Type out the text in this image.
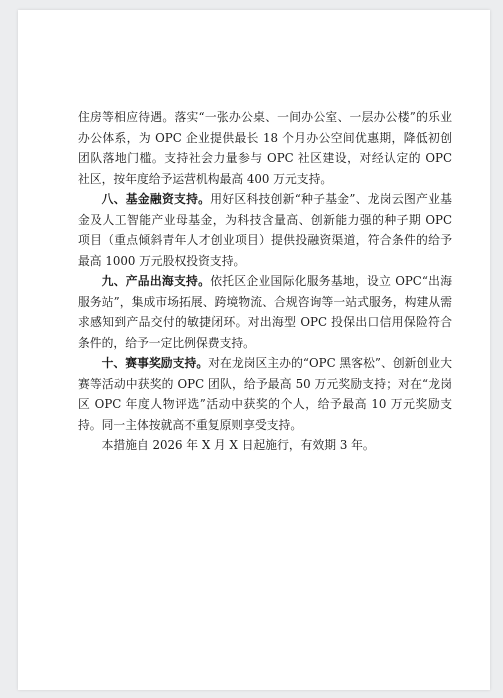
住房等相应待遇。落实“一张办公桌、一间办公室、一层办公楼”的乐业办公体系，为 OPC 企业提供最长 18 个月办公空间优惠期，降低初创团队落地门槛。支持社会力量参与 OPC 社区建设，对经认定的 OPC 社区，按年度给予运营机构最高 400 万元支持。

八、基金融资支持。用好区科技创新“种子基金”、龙岗云图产业基金及人工智能产业母基金，为科技含量高、创新能力强的种子期 OPC 项目（重点倾斜青年人才创业项目）提供投融资渠道，符合条件的给予最高 1000 万元股权投资支持。

九、产品出海支持。依托区企业国际化服务基地，设立 OPC“出海服务站”，集成市场拓展、跨境物流、合规咨询等一站式服务，构建从需求感知到产品交付的敏捷闭环。对出海型 OPC 投保出口信用保险符合条件的，给予一定比例保费支持。

十、赛事奖励支持。对在龙岗区主办的“OPC 黑客松”、创新创业大赛等活动中获奖的 OPC 团队，给予最高 50 万元奖励支持；对在“龙岗区 OPC 年度人物评选”活动中获奖的个人，给予最高 10 万元奖励支持。同一主体按就高不重复原则享受支持。

本措施自 2026 年 X 月 X 日起施行，有效期 3 年。
